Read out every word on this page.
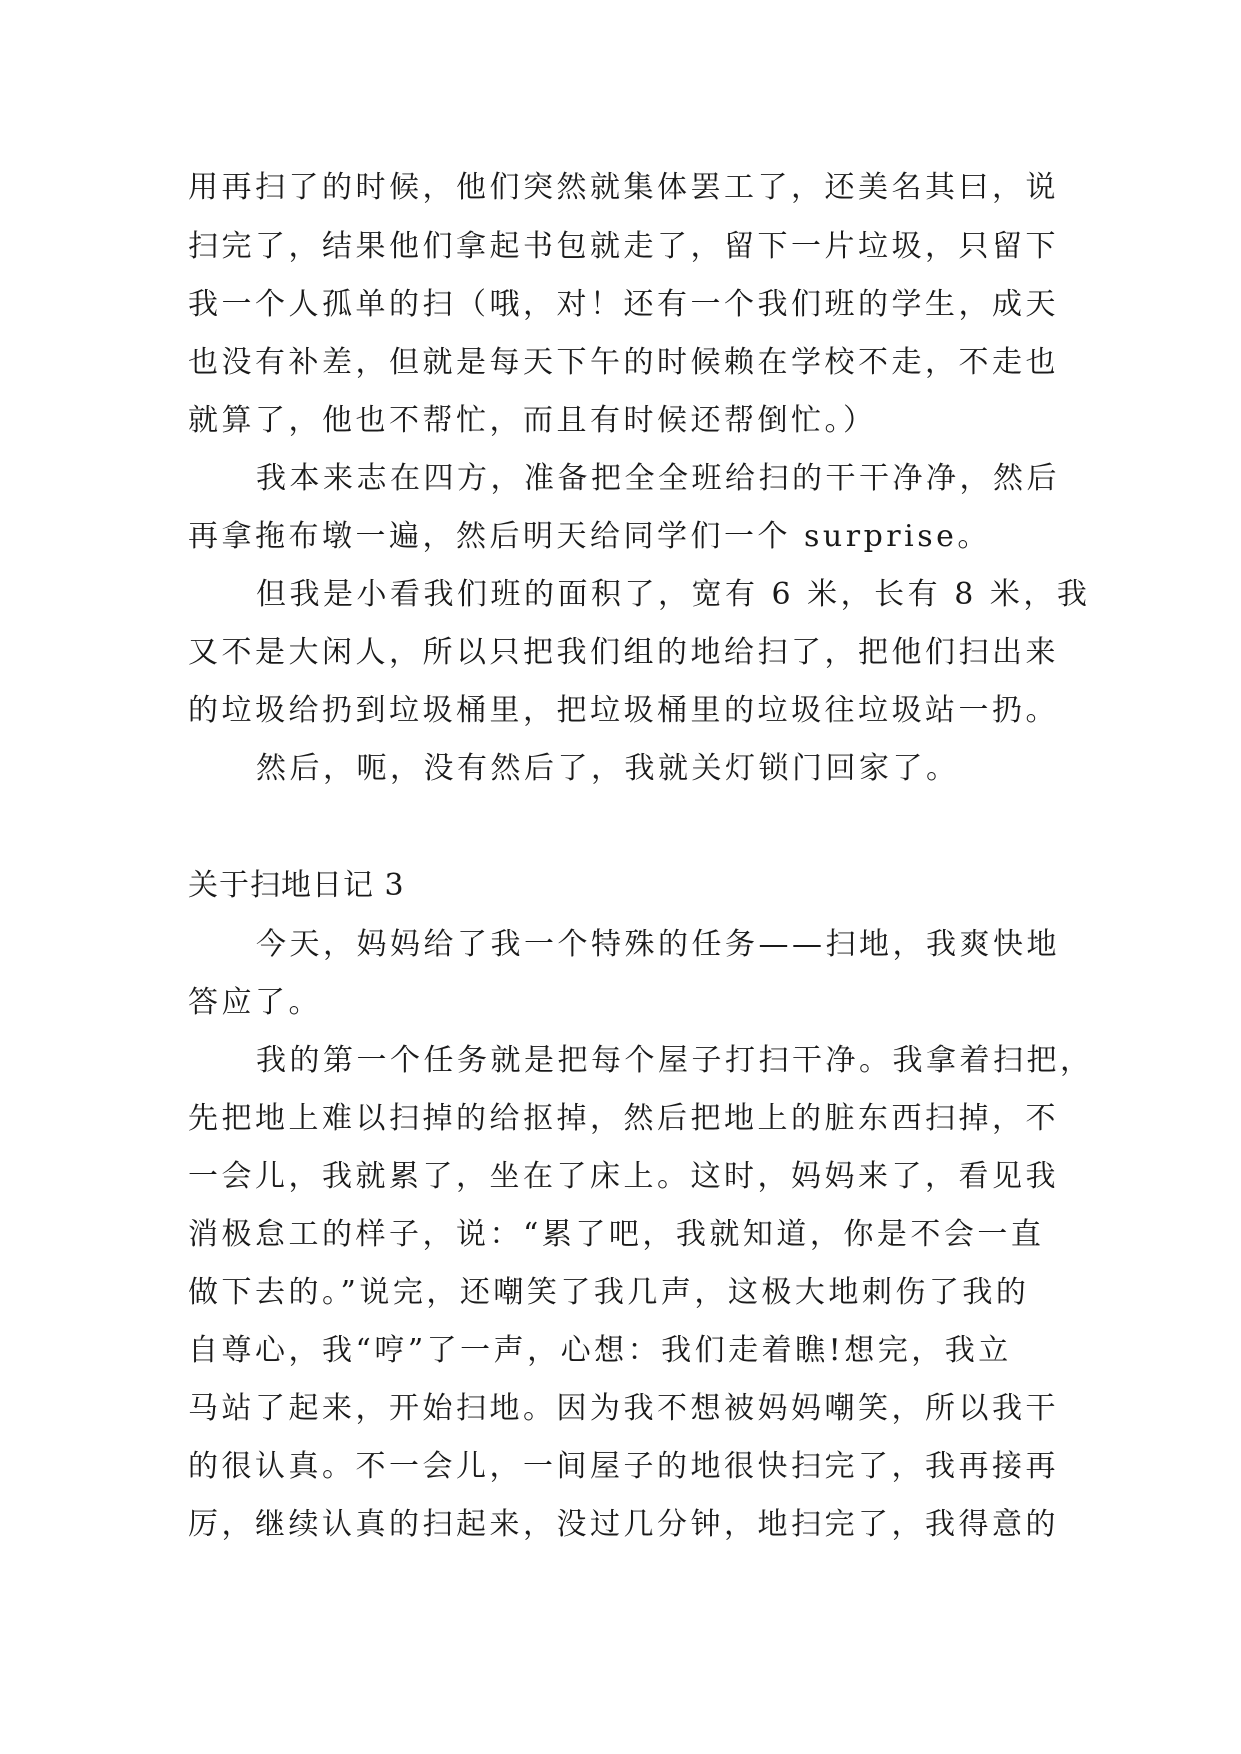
用再扫了的时候，他们突然就集体罢工了，还美名其曰，说
扫完了，结果他们拿起书包就走了，留下一片垃圾，只留下
我一个人孤单的扫（哦，对！还有一个我们班的学生，成天
也没有补差，但就是每天下午的时候赖在学校不走，不走也
就算了，他也不帮忙，而且有时候还帮倒忙。）
我本来志在四方，准备把全全班给扫的干干净净，然后
再拿拖布墩一遍，然后明天给同学们一个 surprise。
但我是小看我们班的面积了，宽有 6 米，长有 8 米，我
又不是大闲人，所以只把我们组的地给扫了，把他们扫出来
的垃圾给扔到垃圾桶里，把垃圾桶里的垃圾往垃圾站一扔。
然后，呃，没有然后了，我就关灯锁门回家了。
关于扫地日记 3
今天，妈妈给了我一个特殊的任务——扫地，我爽快地
答应了。
我的第一个任务就是把每个屋子打扫干净。我拿着扫把，
先把地上难以扫掉的给抠掉，然后把地上的脏东西扫掉，不
一会儿，我就累了，坐在了床上。这时，妈妈来了，看见我
消极怠工的样子，说：“累了吧，我就知道，你是不会一直
做下去的。”说完，还嘲笑了我几声，这极大地刺伤了我的
自尊心，我“哼”了一声，心想：我们走着瞧!想完，我立
马站了起来，开始扫地。因为我不想被妈妈嘲笑，所以我干
的很认真。不一会儿，一间屋子的地很快扫完了，我再接再
厉，继续认真的扫起来，没过几分钟，地扫完了，我得意的
